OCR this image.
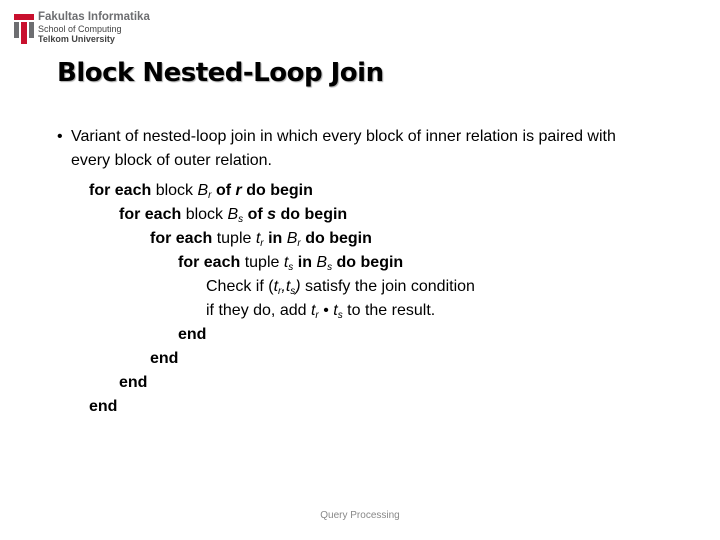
Fakultas Informatika
School of Computing
Telkom University
Block Nested-Loop Join
• Variant of nested-loop join in which every block of inner relation is paired with every block of outer relation.
for each block $B_r$ of r do begin
for each block $B_s$ of s do begin
for each tuple $t_r$ in $B_r$ do begin
for each tuple $t_s$ in $B_s$ do begin
Check if $(t_r,t_s)$ satisfy the join condition
if they do, add $t_r$ • $t_s$ to the result.
end
end
end
end
Query Processing
